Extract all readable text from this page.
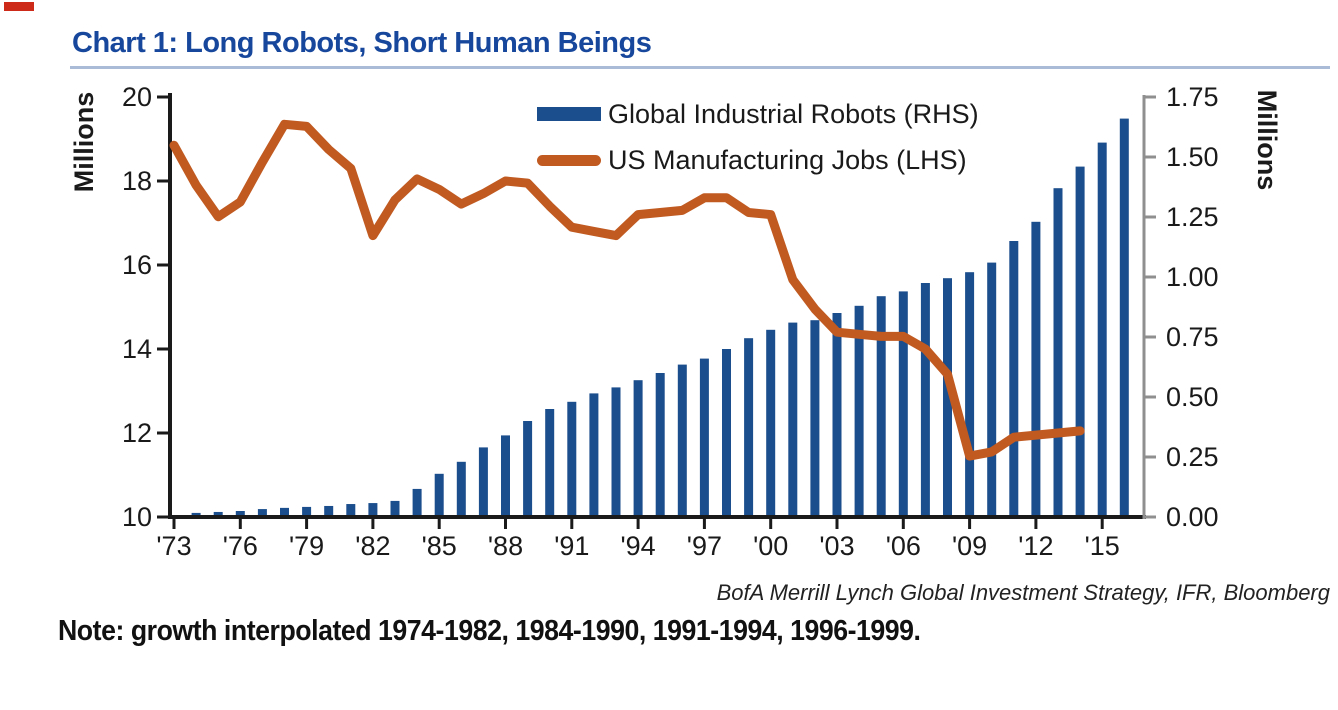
Chart 1: Long Robots, Short Human Beings
20
18
16
14
12
10
1.75
1.50
1.25
1.00
0.75
0.50
0.25
0.00
'73 '76 '79 '82 '85 '88 '91 '94 '97 '00 '03 '06 '09 '12 '15
Millions	Millions
Global Industrial Robots (RHS)
US Manufacturing Jobs (LHS)
BofA Merrill Lynch Global Investment Strategy, IFR, Bloomberg
Note: growth interpolated 1974-1982, 1984-1990, 1991-1994, 1996-1999.
